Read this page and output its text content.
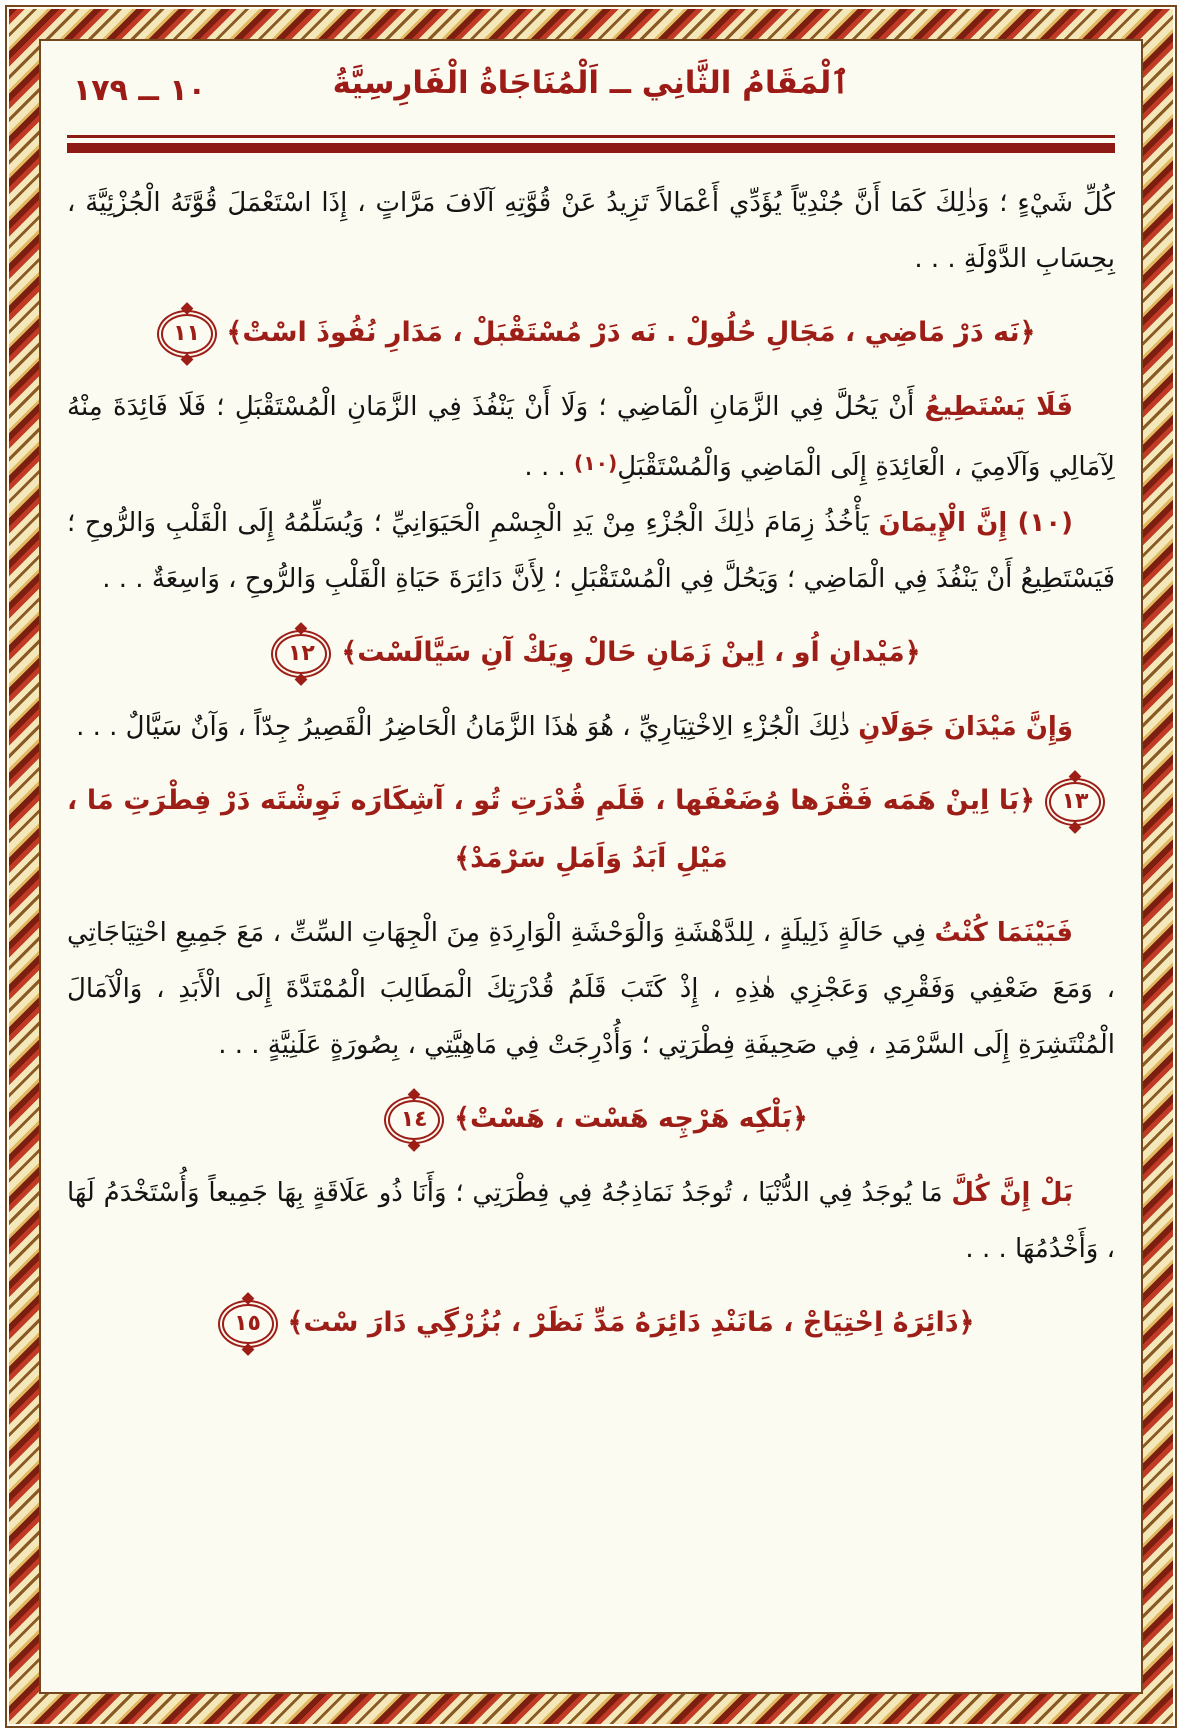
١٠ ــ ١٧٩	ٱلْمَقَامُ الثَّانِي ــ اَلْمُنَاجَاةُ الْفَارِسِيَّةُ

كُلِّ شَيْءٍ ؛ وَذٰلِكَ كَمَا أَنَّ جُنْدِيّاً يُؤَدِّي أَعْمَالاً تَزِيدُ عَنْ قُوَّتِهِ آلَافَ مَرَّاتٍ ، إِذَا اسْتَعْمَلَ قُوَّتَهُ الْجُزْئِيَّةَ ، بِحِسَابِ الدَّوْلَةِ . . .

﴿نَه دَرْ مَاضِي ، مَجَالِ حُلُولْ . نَه دَرْ مُسْتَقْبَلْ ، مَدَارِ نُفُوذَ اسْتْ﴾
١١

فَلَا يَسْتَطِيعُ أَنْ يَحُلَّ فِي الزَّمَانِ الْمَاضِي ؛ وَلَا أَنْ يَنْفُذَ فِي الزَّمَانِ الْمُسْتَقْبَلِ ؛ فَلَا فَائِدَةَ مِنْهُ لِآمَالِي وَآلَامِيَ ، الْعَائِدَةِ إِلَى الْمَاضِي وَالْمُسْتَقْبَلِ(١٠) . . .

(١٠) إِنَّ الْإِيمَانَ يَأْخُذُ زِمَامَ ذٰلِكَ الْجُزْءِ مِنْ يَدِ الْجِسْمِ الْحَيَوَانِيِّ ؛ وَيُسَلِّمُهُ إِلَى الْقَلْبِ وَالرُّوحِ ؛ فَيَسْتَطِيعُ أَنْ يَنْفُذَ فِي الْمَاضِي ؛ وَيَحُلَّ فِي الْمُسْتَقْبَلِ ؛ لِأَنَّ دَائِرَةَ حَيَاةِ الْقَلْبِ وَالرُّوحِ ، وَاسِعَةٌ . . .

﴿مَيْدانِ اُو ، اِينْ زَمَانِ حَالْ وِيَكْ آنِ سَيَّالَسْت﴾
١٢

وَإِنَّ مَيْدَانَ جَوَلَانِ ذٰلِكَ الْجُزْءِ الِاخْتِيَارِيِّ ، هُوَ هٰذَا الزَّمَانُ الْحَاضِرُ الْقَصِيرُ جِدّاً ، وَآنٌ سَيَّالٌ . . .

١٣
﴿بَا اِينْ هَمَه فَقْرَها وُضَعْفَها ، قَلَمِ قُدْرَتِ تُو ، آشِكَارَه نَوِشْتَه دَرْ فِطْرَتِ مَا ، مَيْلِ اَبَدُ وَاَمَلِ سَرْمَدْ﴾

فَبَيْنَمَا كُنْتُ فِي حَالَةٍ ذَلِيلَةٍ ، لِلدَّهْشَةِ وَالْوَحْشَةِ الْوَارِدَةِ مِنَ الْجِهَاتِ السِّتِّ ، مَعَ جَمِيعِ احْتِيَاجَاتِي ، وَمَعَ ضَعْفِي وَفَقْرِي وَعَجْزِي هٰذِهِ ، إِذْ كَتَبَ قَلَمُ قُدْرَتِكَ الْمَطَالِبَ الْمُمْتَدَّةَ إِلَى الْأَبَدِ ، وَالْآمَالَ الْمُنْتَشِرَةِ إِلَى السَّرْمَدِ ، فِي صَحِيفَةِ فِطْرَتِي ؛ وَأُدْرِجَتْ فِي مَاهِيَّتِي ، بِصُورَةٍ عَلَنِيَّةٍ . . .

﴿بَلْكِه هَرْچِه هَسْت ، هَسْتْ﴾
١٤

بَلْ إِنَّ كُلَّ مَا يُوجَدُ فِي الدُّنْيَا ، تُوجَدُ نَمَاذِجُهُ فِي فِطْرَتِي ؛ وَأَنَا ذُو عَلَاقَةٍ بِهَا جَمِيعاً وَأُسْتَخْدَمُ لَهَا ، وَأَخْدُمُهَا . . .

﴿دَائِرَهُ اِحْتِيَاجْ ، مَانَنْدِ دَائِرَهُ مَدِّ نَظَرْ ، بُزُرْگِي دَارَ سْت﴾
١٥
